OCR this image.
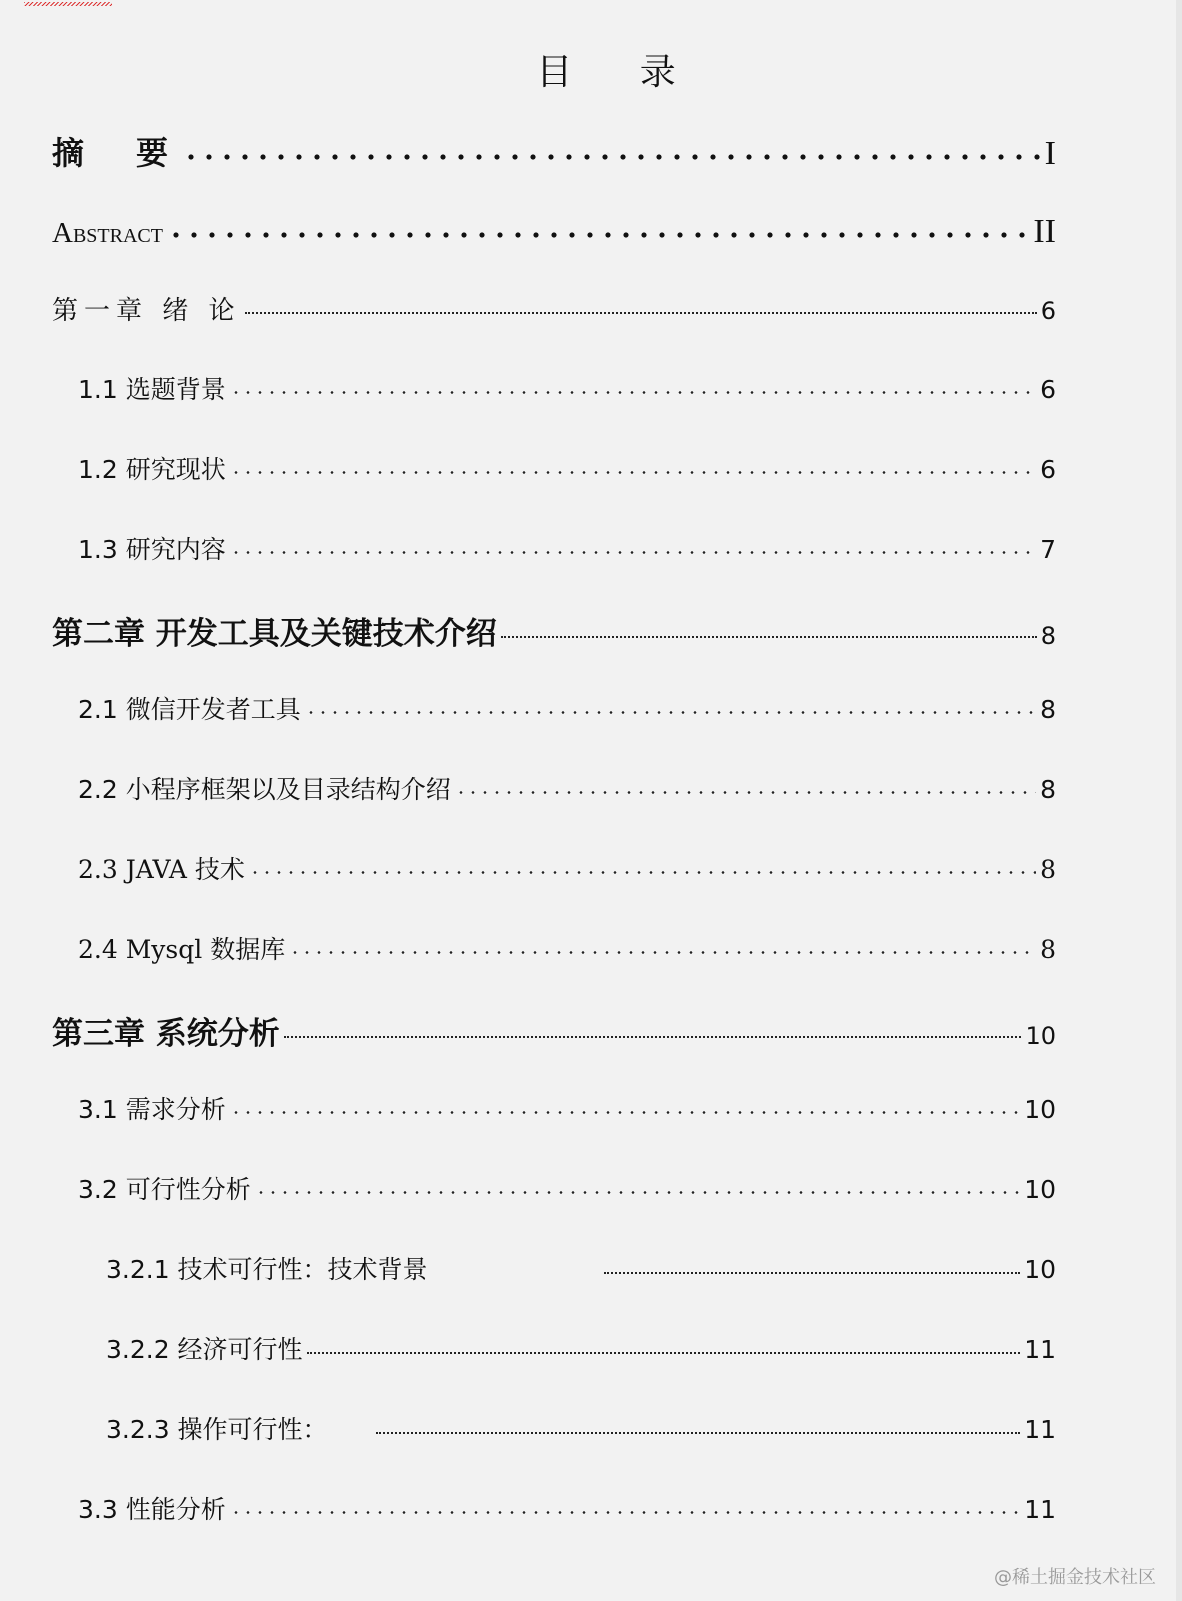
目 录
摘　要	I
Abstract	II
第一章 绪 论	6
1.1 选题背景	6
1.2 研究现状	6
1.3 研究内容	7
第二章 开发工具及关键技术介绍	8
2.1 微信开发者工具	8
2.2 小程序框架以及目录结构介绍	8
2.3 JAVA 技术	8
2.4 Mysql 数据库	8
第三章 系统分析	10
3.1 需求分析	10
3.2 可行性分析	10
3.2.1 技术可行性：技术背景	10
3.2.2 经济可行性	11
3.2.3 操作可行性：	11
3.3 性能分析	11
@稀土掘金技术社区
